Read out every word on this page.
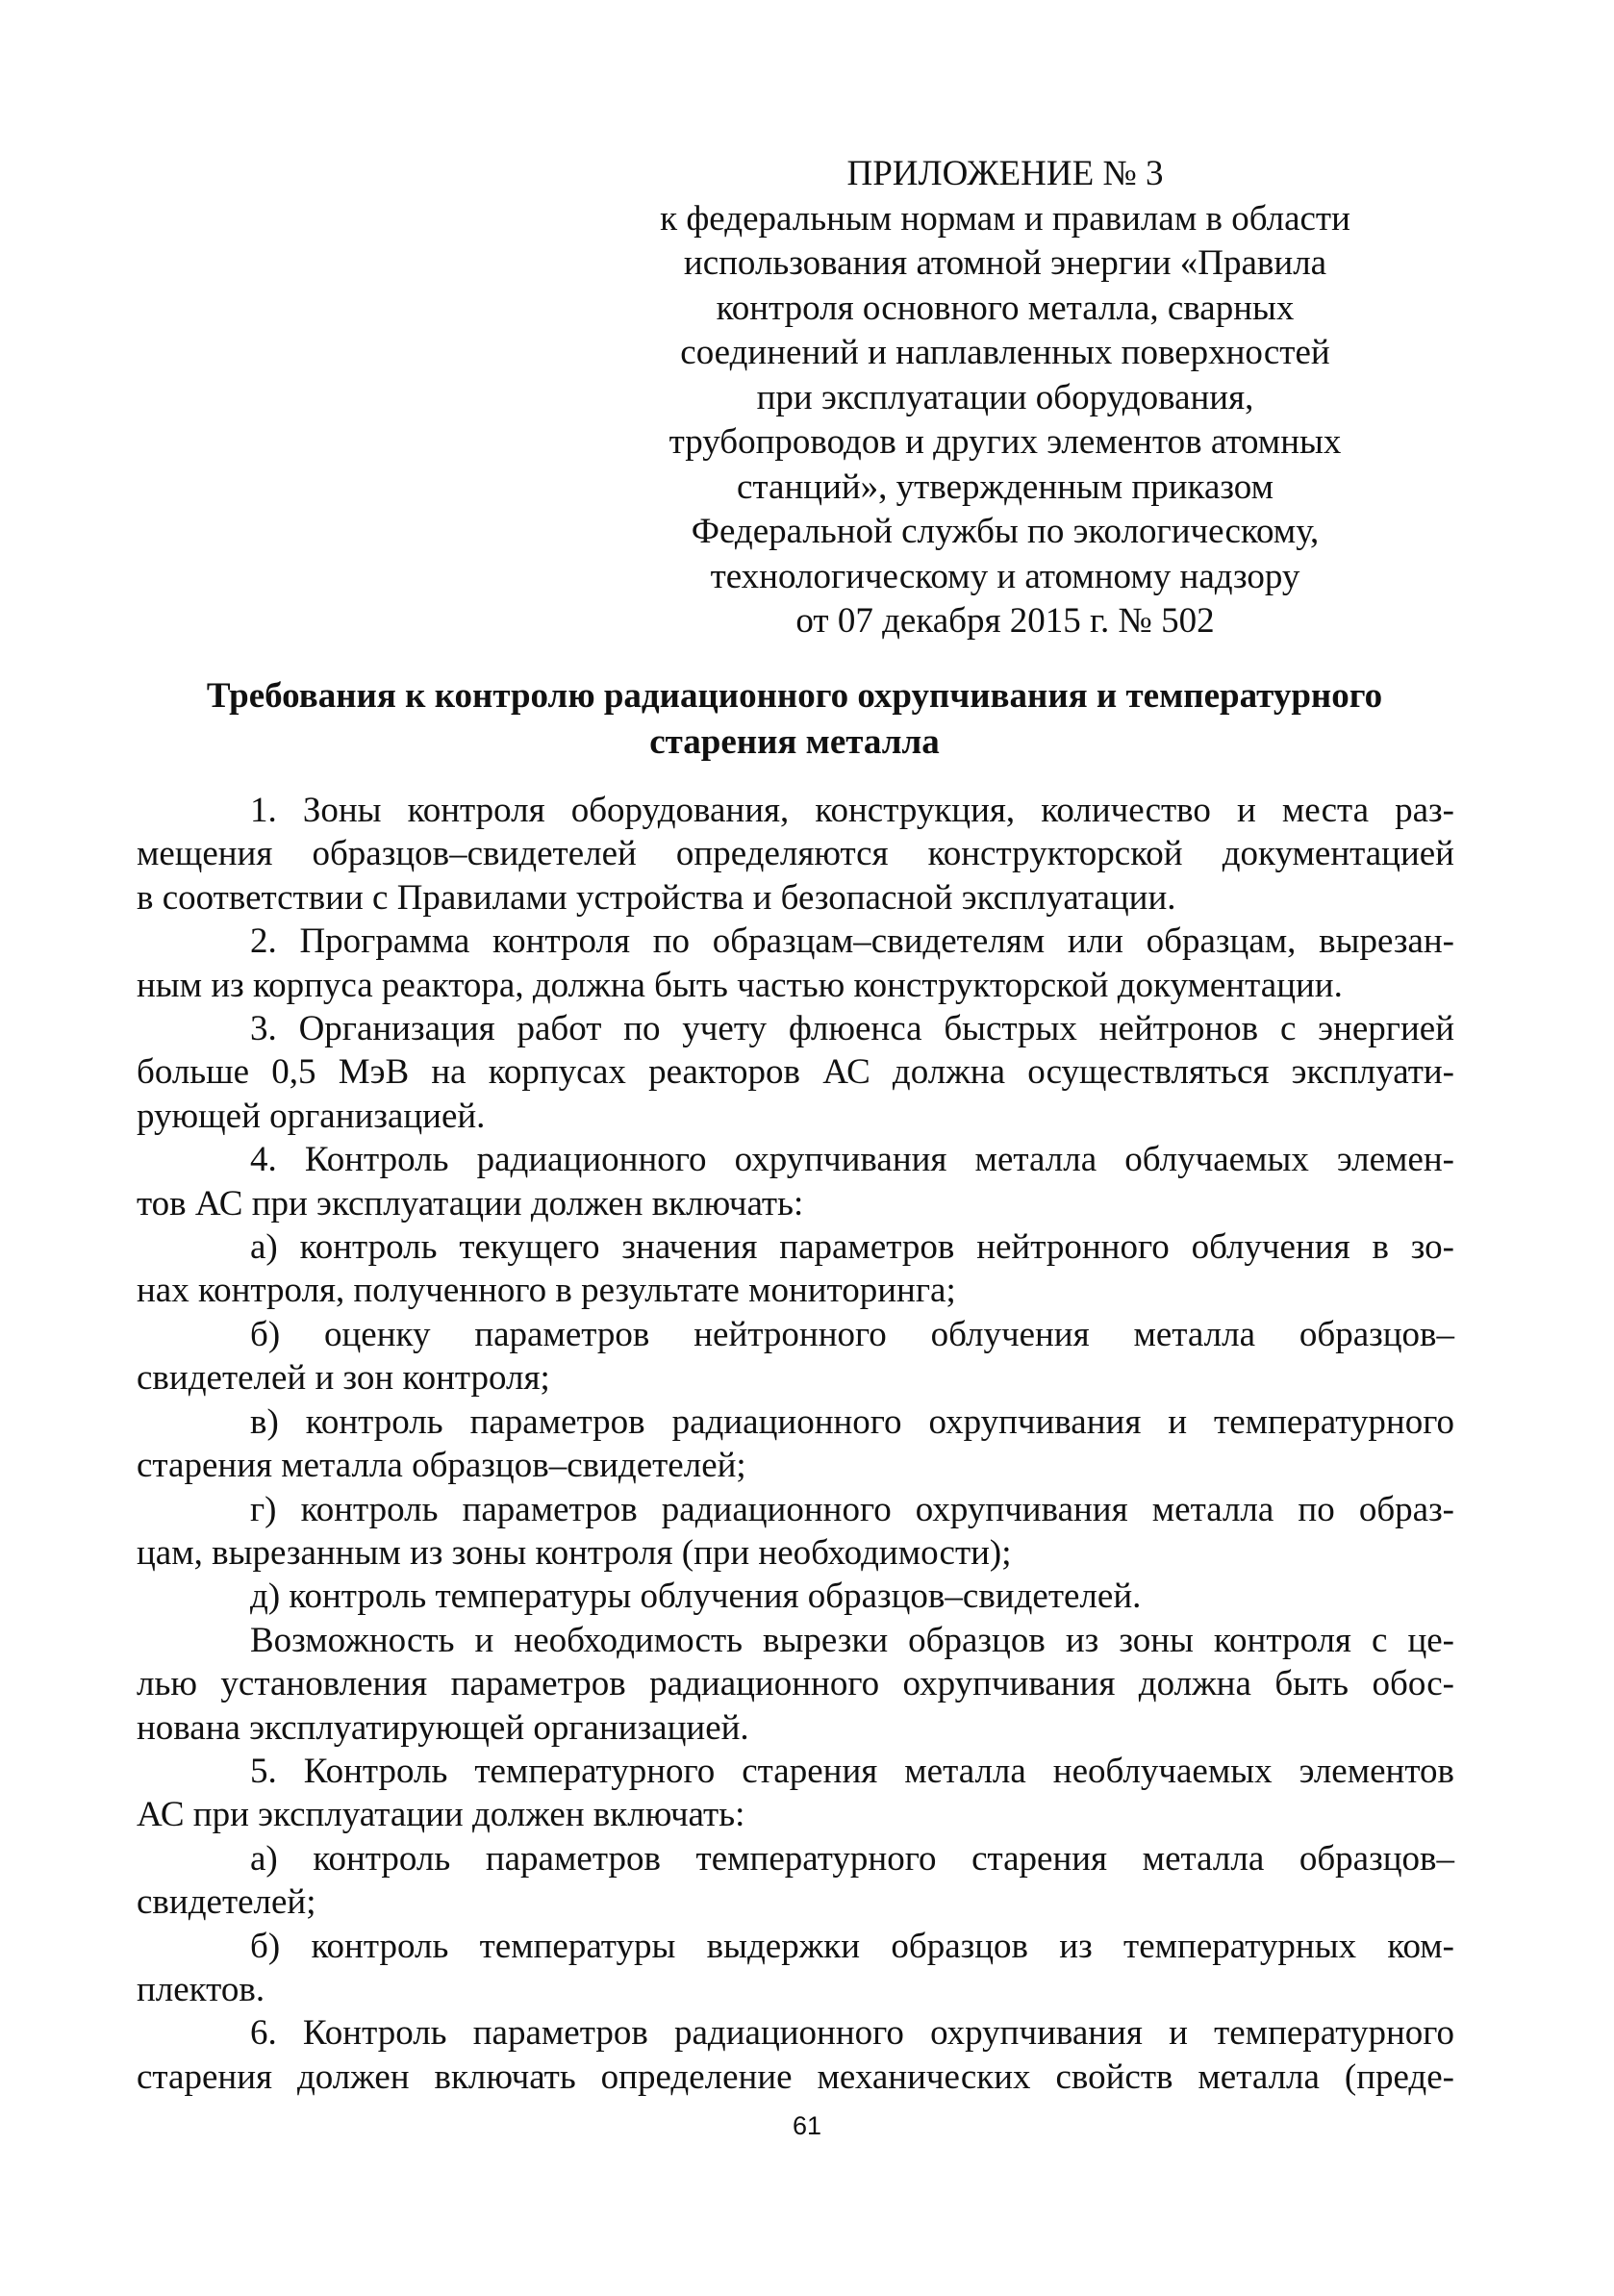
ПРИЛОЖЕНИЕ № 3
к федеральным нормам и правилам в области
использования атомной энергии «Правила
контроля основного металла, сварных
соединений и наплавленных поверхностей
при эксплуатации оборудования,
трубопроводов и других элементов атомных
станций», утвержденным приказом
Федеральной службы по экологическому,
технологическому и атомному надзору
от 07 декабря 2015 г. № 502
Требования к контролю радиационного охрупчивания и температурного
старения металла
1. Зоны контроля оборудования, конструкция, количество и места раз-
мещения образцов–свидетелей определяются конструкторской документацией
в соответствии с Правилами устройства и безопасной эксплуатации.
2. Программа контроля по образцам–свидетелям или образцам, вырезан-
ным из корпуса реактора, должна быть частью конструкторской документации.
3. Организация работ по учету флюенса быстрых нейтронов с энергией
больше 0,5 МэВ на корпусах реакторов АС должна осуществляться эксплуати-
рующей организацией.
4. Контроль радиационного охрупчивания металла облучаемых элемен-
тов АС при эксплуатации должен включать:
а) контроль текущего значения параметров нейтронного облучения в зо-
нах контроля, полученного в результате мониторинга;
б) оценку параметров нейтронного облучения металла образцов–
свидетелей и зон контроля;
в) контроль параметров радиационного охрупчивания и температурного
старения металла образцов–свидетелей;
г) контроль параметров радиационного охрупчивания металла по образ-
цам, вырезанным из зоны контроля (при необходимости);
д) контроль температуры облучения образцов–свидетелей.
Возможность и необходимость вырезки образцов из зоны контроля с це-
лью установления параметров радиационного охрупчивания должна быть обос-
нована эксплуатирующей организацией.
5. Контроль температурного старения металла необлучаемых элементов
АС при эксплуатации должен включать:
а) контроль параметров температурного старения металла образцов–
свидетелей;
б) контроль температуры выдержки образцов из температурных ком-
плектов.
6. Контроль параметров радиационного охрупчивания и температурного
старения должен включать определение механических свойств металла (преде-
61
